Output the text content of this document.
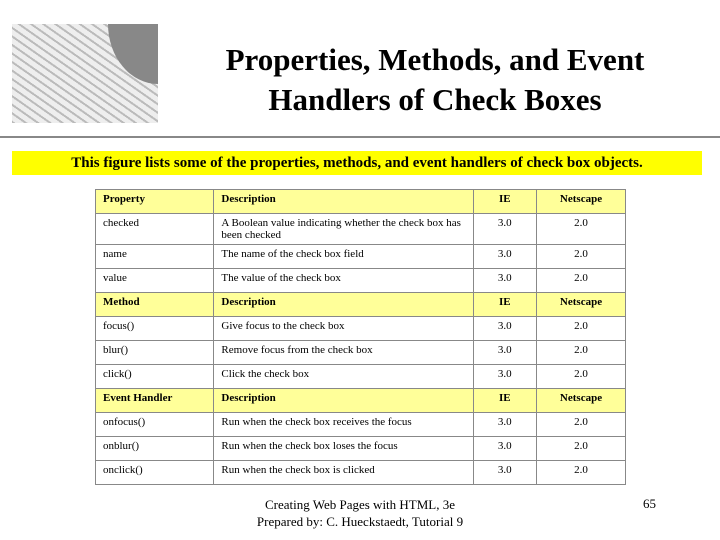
Properties, Methods, and Event Handlers of Check Boxes
This figure lists some of the properties, methods, and event handlers of check box objects.
Property	Description	IE	Netscape
checked	A Boolean value indicating whether the check box has been checked	3.0	2.0
name	The name of the check box field	3.0	2.0
value	The value of the check box	3.0	2.0
Method	Description	IE	Netscape
focus()	Give focus to the check box	3.0	2.0
blur()	Remove focus from the check box	3.0	2.0
click()	Click the check box	3.0	2.0
Event Handler	Description	IE	Netscape
onfocus()	Run when the check box receives the focus	3.0	2.0
onblur()	Run when the check box loses the focus	3.0	2.0
onclick()	Run when the check box is clicked	3.0	2.0
Creating Web Pages with HTML, 3e
Prepared by: C. Hueckstaedt, Tutorial 9
65
